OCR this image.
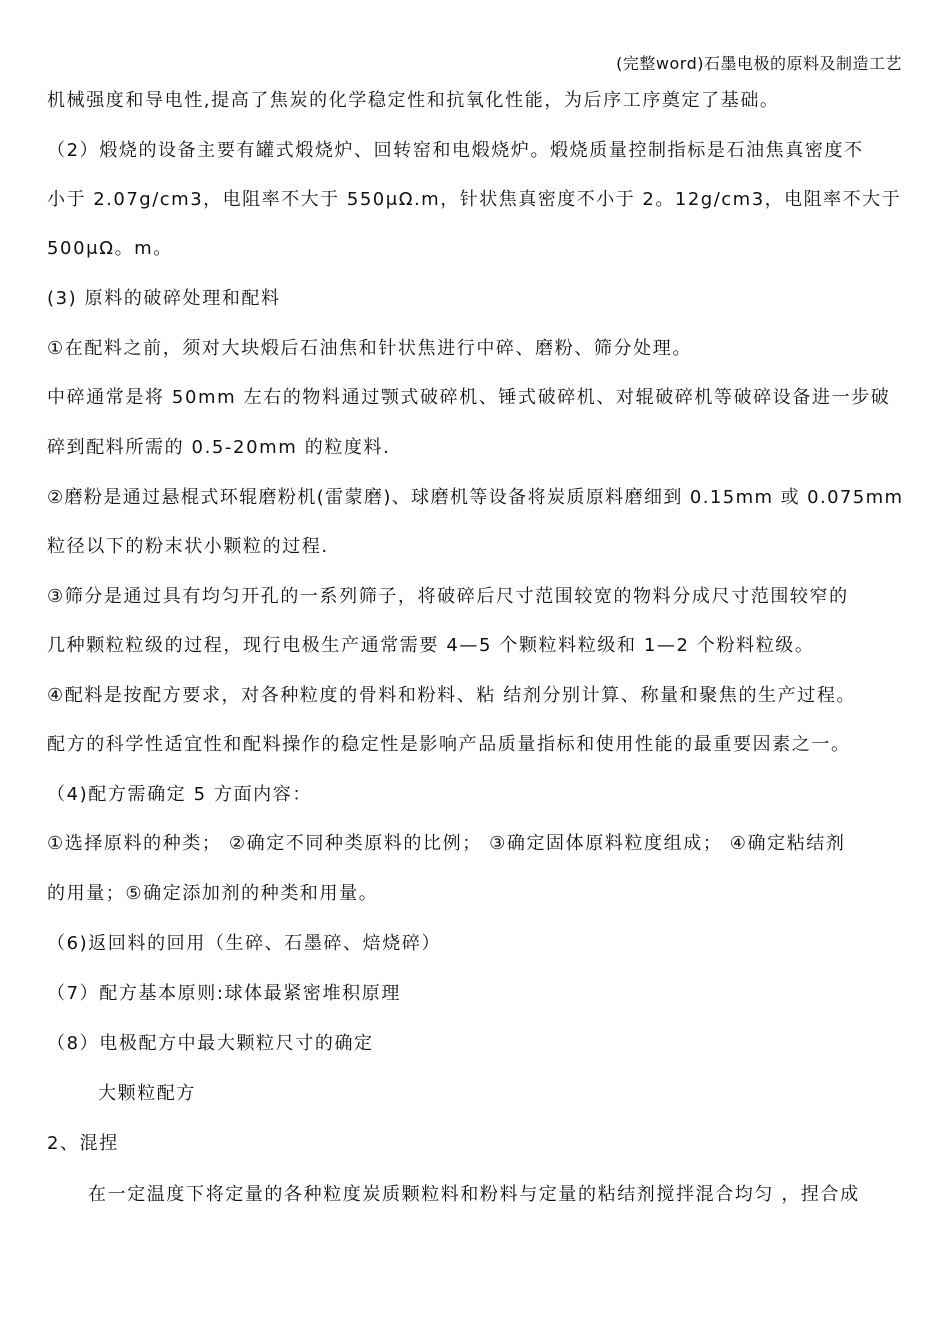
(完整word)石墨电极的原料及制造工艺
机械强度和导电性,提高了焦炭的化学稳定性和抗氧化性能，为后序工序奠定了基础。
（2）煅烧的设备主要有罐式煅烧炉、回转窑和电煅烧炉。煅烧质量控制指标是石油焦真密度不
小于 2.07g/cm3，电阻率不大于 550μΩ.m，针状焦真密度不小于 2。12g/cm3，电阻率不大于
500μΩ。m。
(3) 原料的破碎处理和配料
①在配料之前，须对大块煅后石油焦和针状焦进行中碎、磨粉、筛分处理。
中碎通常是将 50mm 左右的物料通过颚式破碎机、锤式破碎机、对辊破碎机等破碎设备进一步破
碎到配料所需的 0.5-20mm 的粒度料.
②磨粉是通过悬棍式环辊磨粉机(雷蒙磨)、球磨机等设备将炭质原料磨细到 0.15mm 或 0.075mm
粒径以下的粉末状小颗粒的过程.
③筛分是通过具有均匀开孔的一系列筛子，将破碎后尺寸范围较宽的物料分成尺寸范围较窄的
几种颗粒粒级的过程，现行电极生产通常需要 4—5 个颗粒料粒级和 1—2 个粉料粒级。
④配料是按配方要求，对各种粒度的骨料和粉料、粘 结剂分别计算、称量和聚焦的生产过程。
配方的科学性适宜性和配料操作的稳定性是影响产品质量指标和使用性能的最重要因素之一。
（4)配方需确定 5 方面内容：
①选择原料的种类； ②确定不同种类原料的比例； ③确定固体原料粒度组成； ④确定粘结剂
的用量；⑤确定添加剂的种类和用量。
（6)返回料的回用（生碎、石墨碎、焙烧碎）
（7）配方基本原则:球体最紧密堆积原理
（8）电极配方中最大颗粒尺寸的确定
大颗粒配方
2、混捏
在一定温度下将定量的各种粒度炭质颗粒料和粉料与定量的粘结剂搅拌混合均匀 ，捏合成
